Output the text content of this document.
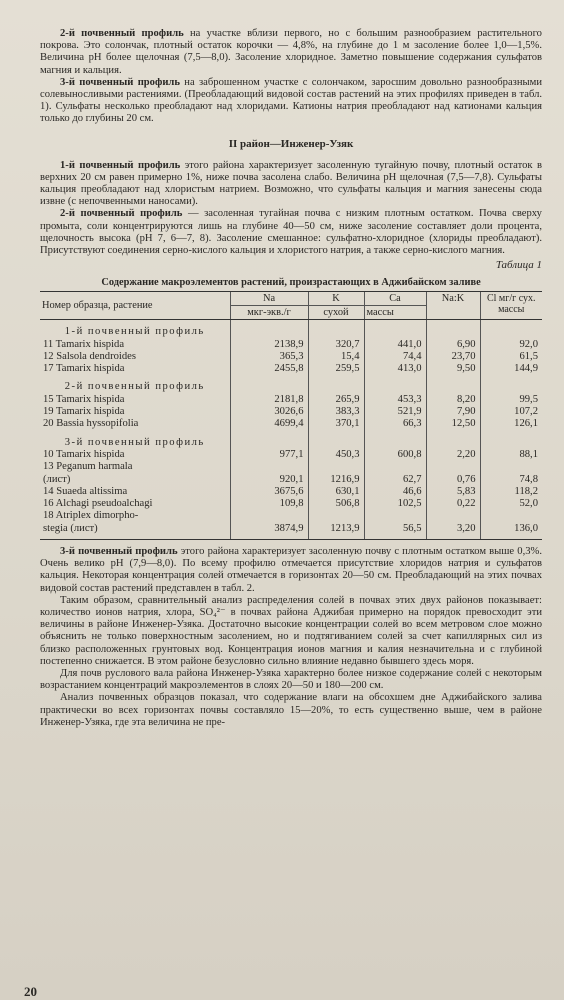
2-й почвенный профиль на участке вблизи первого, но с большим разнообразием растительного покрова. Это солончак, плотный остаток корочки — 4,8%, на глубине до 1 м засоление более 1,0—1,5%. Величина pH более щелочная (7,5—8,0). Засоление хлоридное. Заметно повышение содержания сульфатов магния и кальция.

3-й почвенный профиль на заброшенном участке с солончаком, заросшим довольно разнообразными солевыносливыми растениями. (Преобладающий видовой состав растений на этих профилях приведен в табл. 1). Сульфаты несколько преобладают над хлоридами. Катионы натрия преобладают над катионами кальция только до глубины 20 см.

II район—Инженер-Узяк

1-й почвенный профиль этого района характеризует засоленную тугайную почву, плотный остаток в верхних 20 см равен примерно 1%, ниже почва засолена слабо. Величина pH щелочная (7,5—7,8). Сульфаты кальция преобладают над хлористым натрием. Возможно, что сульфаты кальция и магния занесены сюда извне (с непочвенными наносами).

2-й почвенный профиль — засоленная тугайная почва с низким плотным остатком. Почва сверху промыта, соли концентрируются лишь на глубине 40—50 см, ниже засоление составляет доли процента, щелочность высока (pH 7, 6—7, 8). Засоление смешанное: сульфатно-хлоридное (хлориды преобладают). Присутствуют соединения серно-кислого кальция и хлористого натрия, а также серно-кислого магния.

Таблица 1
Содержание макроэлементов растений, произрастающих в Аджибайском заливе
Номер образца, растение	Na	K	Ca	Na:K	Cl мг/г сух. массы
	мкг-экв./г	сухой	массы		
1-й почвенный профиль					
11 Tamarix hispida	2138,9	320,7	441,0	6,90	92,0
12 Salsola dendroides	365,3	15,4	74,4	23,70	61,5
17 Tamarix hispida	2455,8	259,5	413,0	9,50	144,9
2-й почвенный профиль					
15 Tamarix hispida	2181,8	265,9	453,3	8,20	99,5
19 Tamarix hispida	3026,6	383,3	521,9	7,90	107,2
20 Bassia hyssopifolia	4699,4	370,1	66,3	12,50	126,1
3-й почвенный профиль					
10 Tamarix hispida	977,1	450,3	600,8	2,20	88,1
13 Peganum harmala					
(лист)	920,1	1216,9	62,7	0,76	74,8
14 Suaeda altissima	3675,6	630,1	46,6	5,83	118,2
16 Alchagi pseudoalchagi	109,8	506,8	102,5	0,22	52,0
18 Atriplex dimorpho-					
stegia (лист)	3874,9	1213,9	56,5	3,20	136,0

3-й почвенный профиль этого района характеризует засоленную почву с плотным остатком выше 0,3%. Очень велико pH (7,9—8,0). По всему профилю отмечается присутствие хлоридов натрия и сульфатов кальция. Некоторая концентрация солей отмечается в горизонтах 20—50 см. Преобладающий на этих почвах видовой состав растений представлен в табл. 2.

Таким образом, сравнительный анализ распределения солей в почвах этих двух районов показывает: количество ионов натрия, хлора, SO₄²⁻ в почвах района Аджибая примерно на порядок превосходит эти величины в районе Инженер-Узяка. Достаточно высокие концентрации солей во всем метровом слое можно объяснить не только поверхностным засолением, но и подтягиванием солей за счет капиллярных сил из близко расположенных грунтовых вод. Концентрация ионов магния и калия незначительна и с глубиной постепенно снижается. В этом районе безусловно сильно влияние недавно бывшего здесь моря.

Для почв руслового вала района Инженер-Узяка характерно более низкое содержание солей с некоторым возрастанием концентраций макроэлементов в слоях 20—50 и 180—200 см.

Анализ почвенных образцов показал, что содержание влаги на обсохшем дне Аджибайского залива практически во всех горизонтах почвы составляло 15—20%, то есть существенно выше, чем в районе Инженер-Узяка, где эта величина не пре-

20
